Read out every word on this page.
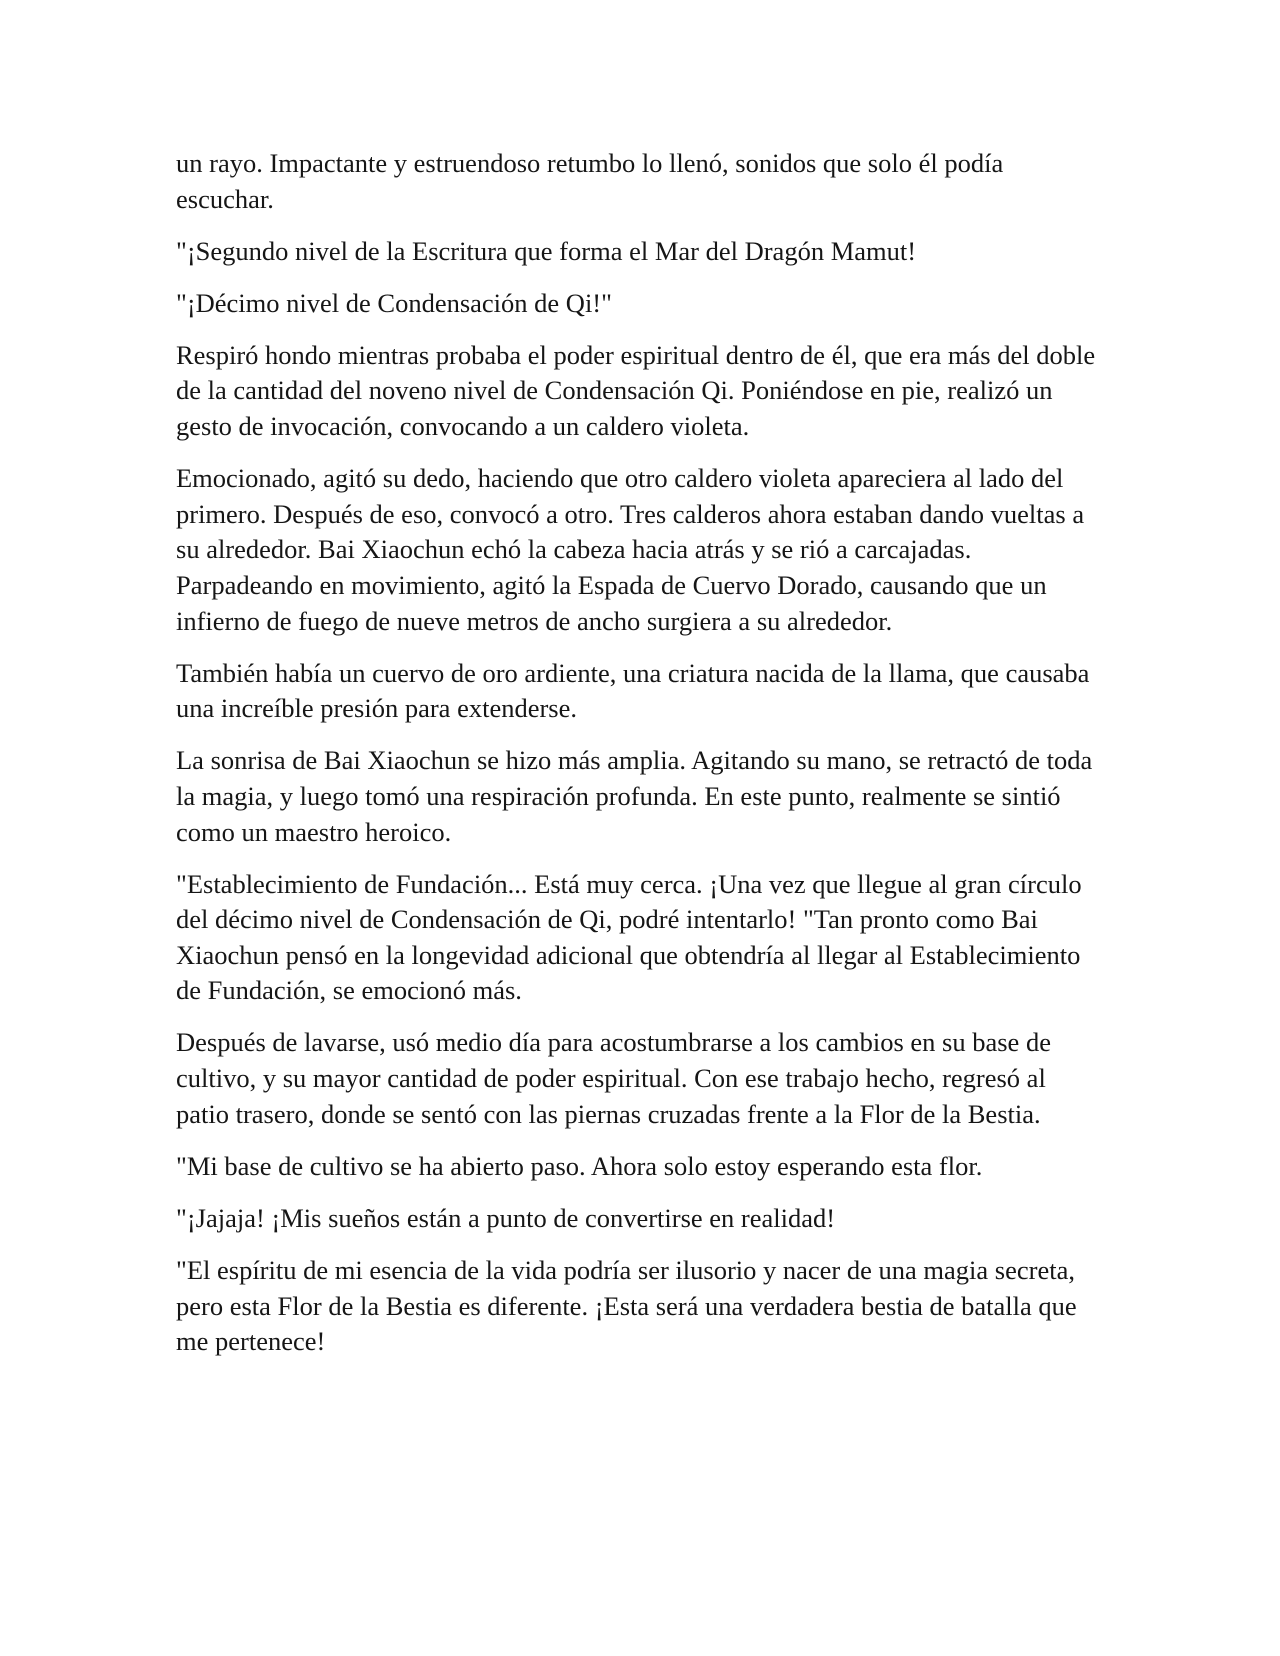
un rayo. Impactante y estruendoso retumbo lo llenó, sonidos que solo él podía escuchar.

"¡Segundo nivel de la Escritura que forma el Mar del Dragón Mamut!

"¡Décimo nivel de Condensación de Qi!"

Respiró hondo mientras probaba el poder espiritual dentro de él, que era más del doble de la cantidad del noveno nivel de Condensación Qi. Poniéndose en pie, realizó un gesto de invocación, convocando a un caldero violeta.

Emocionado, agitó su dedo, haciendo que otro caldero violeta apareciera al lado del primero. Después de eso, convocó a otro. Tres calderos ahora estaban dando vueltas a su alrededor. Bai Xiaochun echó la cabeza hacia atrás y se rió a carcajadas. Parpadeando en movimiento, agitó la Espada de Cuervo Dorado, causando que un infierno de fuego de nueve metros de ancho surgiera a su alrededor.

También había un cuervo de oro ardiente, una criatura nacida de la llama, que causaba una increíble presión para extenderse.

La sonrisa de Bai Xiaochun se hizo más amplia. Agitando su mano, se retractó de toda la magia, y luego tomó una respiración profunda. En este punto, realmente se sintió como un maestro heroico.

"Establecimiento de Fundación... Está muy cerca. ¡Una vez que llegue al gran círculo del décimo nivel de Condensación de Qi, podré intentarlo! "Tan pronto como Bai Xiaochun pensó en la longevidad adicional que obtendría al llegar al Establecimiento de Fundación, se emocionó más.

Después de lavarse, usó medio día para acostumbrarse a los cambios en su base de cultivo, y su mayor cantidad de poder espiritual. Con ese trabajo hecho, regresó al patio trasero, donde se sentó con las piernas cruzadas frente a la Flor de la Bestia.

"Mi base de cultivo se ha abierto paso. Ahora solo estoy esperando esta flor.

"¡Jajaja! ¡Mis sueños están a punto de convertirse en realidad!

"El espíritu de mi esencia de la vida podría ser ilusorio y nacer de una magia secreta, pero esta Flor de la Bestia es diferente. ¡Esta será una verdadera bestia de batalla que me pertenece!
